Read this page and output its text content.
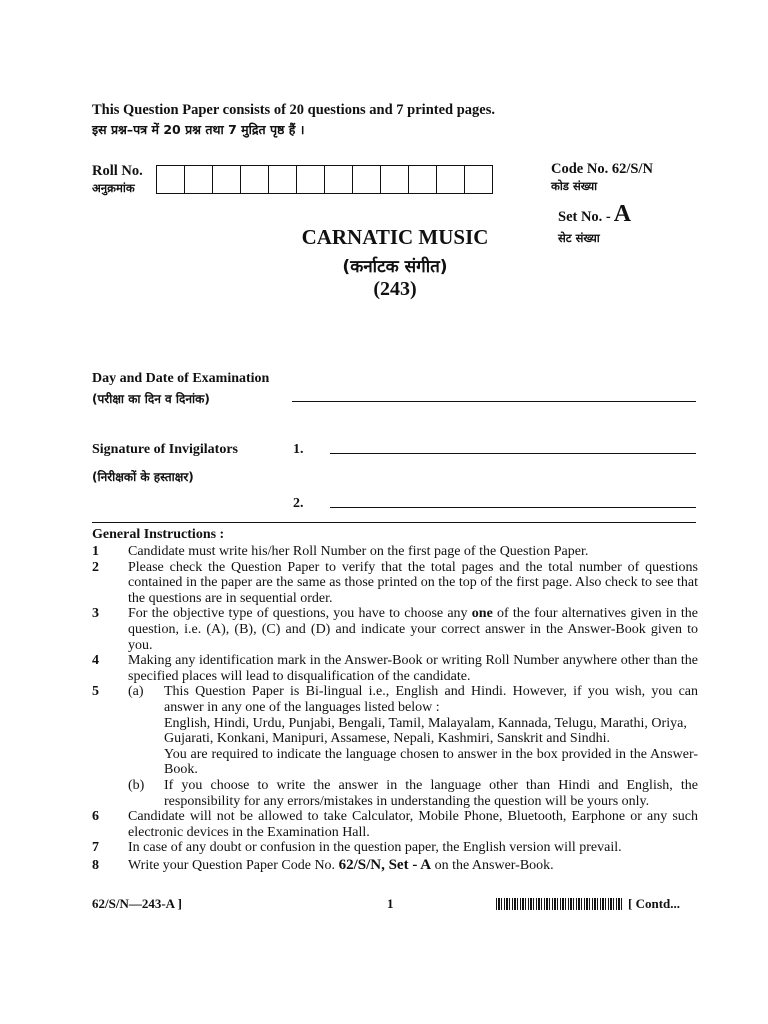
This Question Paper consists of 20 questions and 7 printed pages.
इस प्रश्न–पत्र में 20 प्रश्न तथा 7 मुद्रित पृष्ठ हैं ।
Roll No.
अनुक्रमांक
Code No. 62/S/N
कोड संख्या
Set No. - A
सेट संख्या
CARNATIC MUSIC
(कर्नाटक संगीत)
(243)
Day and Date of Examination
(परीक्षा का दिन व दिनांक)
Signature of Invigilators
(निरीक्षकों के हस्ताक्षर)
1.
2.
General Instructions :
1	Candidate must write his/her Roll Number on the first page of the Question Paper.
2	Please check the Question Paper to verify that the total pages and the total number of questions contained in the paper are the same as those printed on the top of the first page. Also check to see that the questions are in sequential order.
3	For the objective type of questions, you have to choose any one of the four alternatives given in the question, i.e. (A), (B), (C) and (D) and indicate your correct answer in the Answer-Book given to you.
4	Making any identification mark in the Answer-Book or writing Roll Number anywhere other than the specified places will lead to disqualification of the candidate.
5	(a)	This Question Paper is Bi-lingual i.e., English and Hindi. However, if you wish, you can answer in any one of the languages listed below :
English, Hindi, Urdu, Punjabi, Bengali, Tamil, Malayalam, Kannada, Telugu, Marathi, Oriya, Gujarati, Konkani, Manipuri, Assamese, Nepali, Kashmiri, Sanskrit and Sindhi.
You are required to indicate the language chosen to answer in the box provided in the Answer-Book.
(b)	If you choose to write the answer in the language other than Hindi and English, the responsibility for any errors/mistakes in understanding the question will be yours only.
6	Candidate will not be allowed to take Calculator, Mobile Phone, Bluetooth, Earphone or any such electronic devices in the Examination Hall.
7	In case of any doubt or confusion in the question paper, the English version will prevail.
8	Write your Question Paper Code No. 62/S/N, Set - A on the Answer-Book.
62/S/N—243-A ]	1	[ Contd...
